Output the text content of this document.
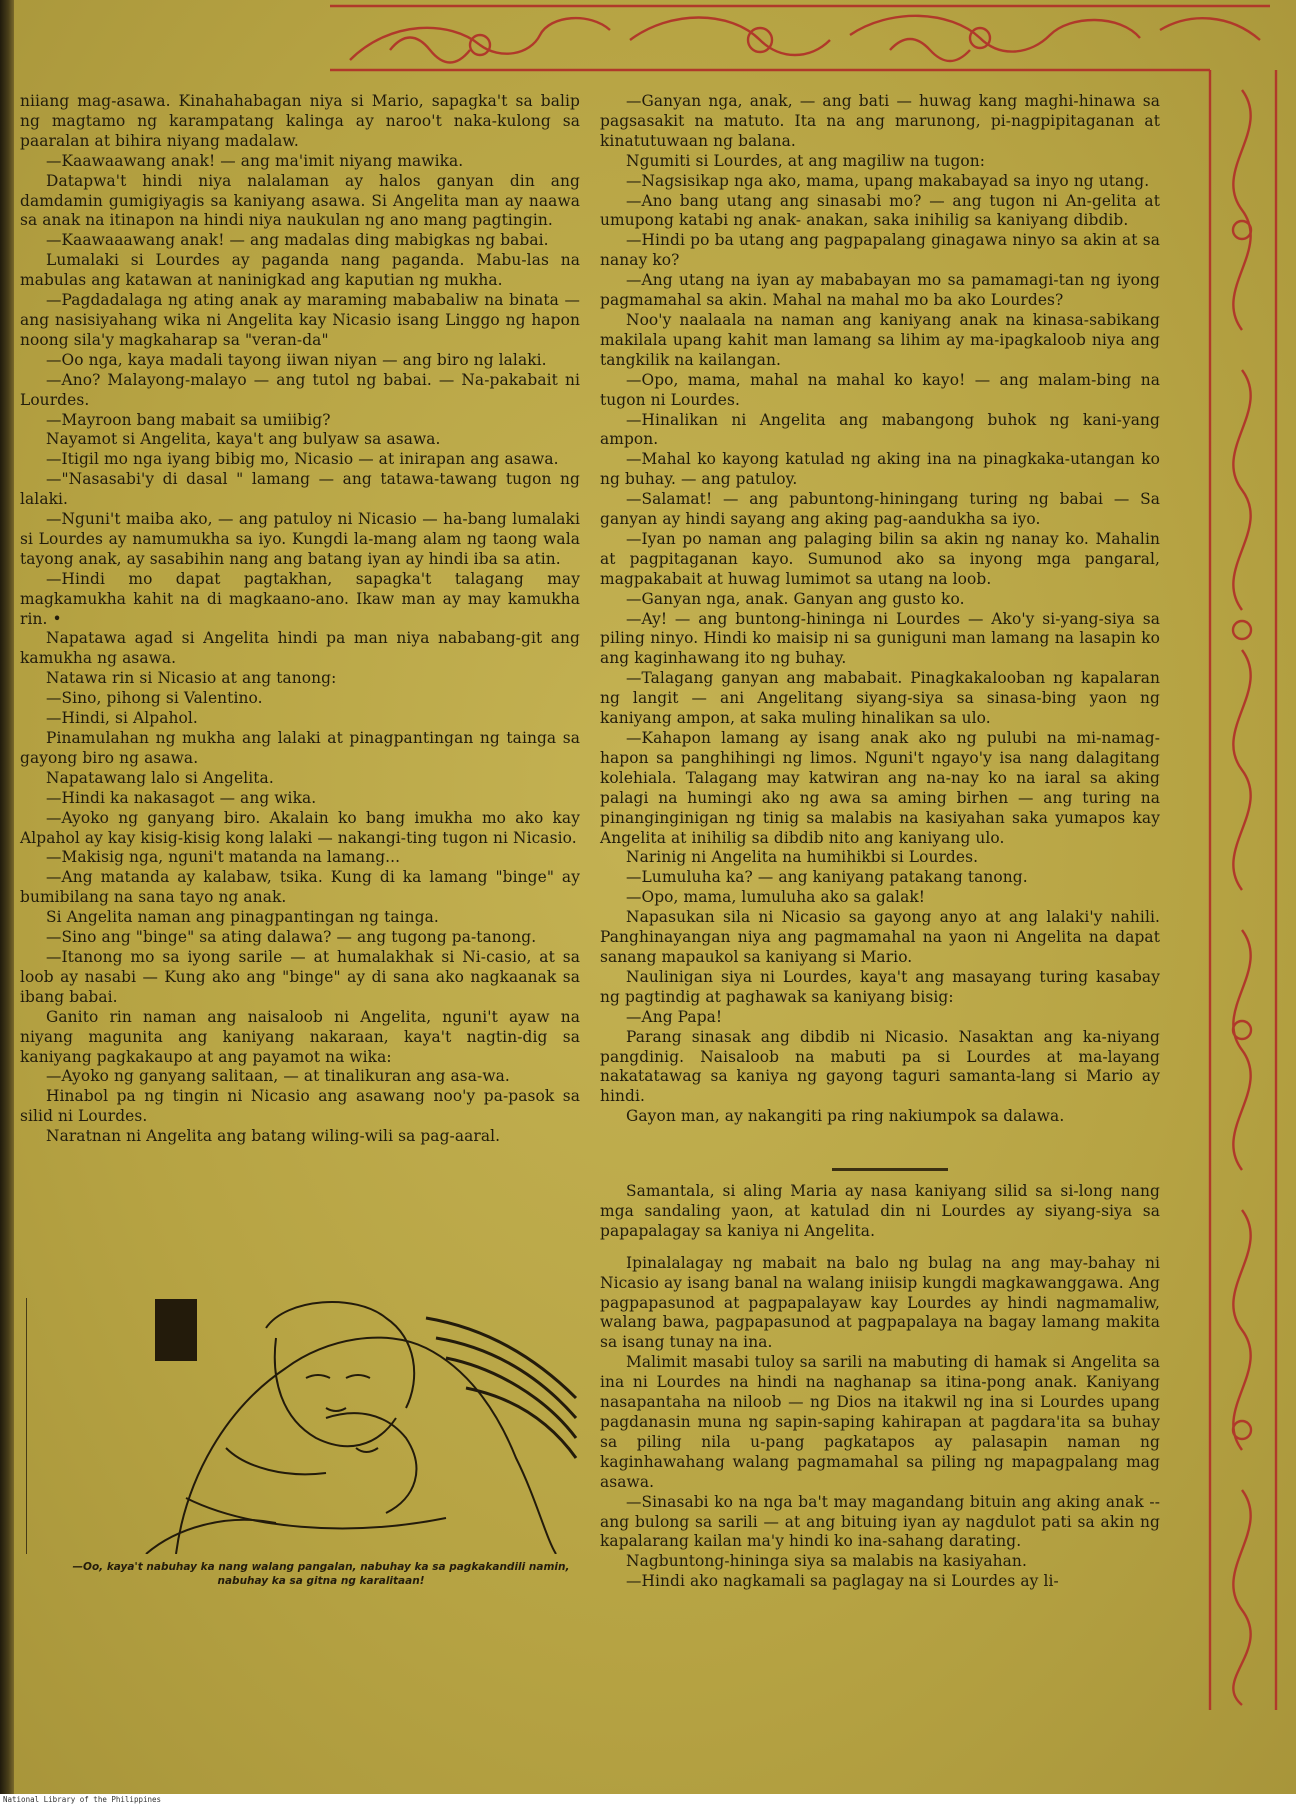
niiang mag-asawa. Kinahahabagan niya si Mario, sapagka't sa balip ng magtamo ng karampatang kalinga ay naroo't naka-kulong sa paaralan at bihira niyang madalaw.

—Kaawaawang anak! — ang ma'imit niyang mawika.

Datapwa't hindi niya nalalaman ay halos ganyan din ang damdamin gumigiyagis sa kaniyang asawa. Si Angelita man ay naawa sa anak na itinapon na hindi niya naukulan ng ano mang pagtingin.

—Kaawaaawang anak! — ang madalas ding mabigkas ng babai.

Lumalaki si Lourdes ay paganda nang paganda. Mabu-las na mabulas ang katawan at naninigkad ang kaputian ng mukha.

—Pagdadalaga ng ating anak ay maraming mababaliw na binata — ang nasisiyahang wika ni Angelita kay Nicasio isang Linggo ng hapon noong sila'y magkaharap sa "veran-da"

—Oo nga, kaya madali tayong iiwan niyan — ang biro ng lalaki.

—Ano? Malayong-malayo — ang tutol ng babai. — Na-pakabait ni Lourdes.

—Mayroon bang mabait sa umiibig?

Nayamot si Angelita, kaya't ang bulyaw sa asawa.

—Itigil mo nga iyang bibig mo, Nicasio — at inirapan ang asawa.

—"Nasasabi'y di dasal " lamang — ang tatawa-tawang tugon ng lalaki.

—Nguni't maiba ako, — ang patuloy ni Nicasio — ha-bang lumalaki si Lourdes ay namumukha sa iyo. Kungdi la-mang alam ng taong wala tayong anak, ay sasabihin nang ang batang iyan ay hindi iba sa atin.

—Hindi mo dapat pagtakhan, sapagka't talagang may magkamukha kahit na di magkaano-ano. Ikaw man ay may kamukha rin. •

Napatawa agad si Angelita hindi pa man niya nababang-git ang kamukha ng asawa.

Natawa rin si Nicasio at ang tanong:

—Sino, pihong si Valentino.

—Hindi, si Alpahol.

Pinamulahan ng mukha ang lalaki at pinagpantingan ng tainga sa gayong biro ng asawa.

Napatawang lalo si Angelita.

—Hindi ka nakasagot — ang wika.

—Ayoko ng ganyang biro. Akalain ko bang imukha mo ako kay Alpahol ay kay kisig-kisig kong lalaki — nakangi-ting tugon ni Nicasio.

—Makisig nga, nguni't matanda na lamang...

—Ang matanda ay kalabaw, tsika. Kung di ka lamang "binge" ay bumibilang na sana tayo ng anak.

Si Angelita naman ang pinagpantingan ng tainga.

—Sino ang "binge" sa ating dalawa? — ang tugong pa-tanong.

—Itanong mo sa iyong sarile — at humalakhak si Ni-casio, at sa loob ay nasabi — Kung ako ang "binge" ay di sana ako nagkaanak sa ibang babai.

Ganito rin naman ang naisaloob ni Angelita, nguni't ayaw na niyang magunita ang kaniyang nakaraan, kaya't nagtin-dig sa kaniyang pagkakaupo at ang payamot na wika:

—Ayoko ng ganyang salitaan, — at tinalikuran ang asa-wa.

Hinabol pa ng tingin ni Nicasio ang asawang noo'y pa-pasok sa silid ni Lourdes.

Naratnan ni Angelita ang batang wiling-wili sa pag-aaral.

—Ganyan nga, anak, — ang bati — huwag kang maghi-hinawa sa pagsasakit na matuto. Ita na ang marunong, pi-nagpipitaganan at kinatutuwaan ng balana.

Ngumiti si Lourdes, at ang magiliw na tugon:

—Nagsisikap nga ako, mama, upang makabayad sa inyo ng utang.

—Ano bang utang ang sinasabi mo? — ang tugon ni An-gelita at umupong katabi ng anak- anakan, saka inihilig sa kaniyang dibdib.

—Hindi po ba utang ang pagpapalang ginagawa ninyo sa akin at sa nanay ko?

—Ang utang na iyan ay mababayan mo sa pamamagi-tan ng iyong pagmamahal sa akin. Mahal na mahal mo ba ako Lourdes?

Noo'y naalaala na naman ang kaniyang anak na kinasa-sabikang makilala upang kahit man lamang sa lihim ay ma-ipagkaloob niya ang tangkilik na kailangan.

—Opo, mama, mahal na mahal ko kayo! — ang malam-bing na tugon ni Lourdes.

—Hinalikan ni Angelita ang mabangong buhok ng kani-yang ampon.

—Mahal ko kayong katulad ng aking ina na pinagkaka-utangan ko ng buhay. — ang patuloy.

—Salamat! — ang pabuntong-hiningang turing ng babai — Sa ganyan ay hindi sayang ang aking pag-aandukha sa iyo.

—Iyan po naman ang palaging bilin sa akin ng nanay ko. Mahalin at pagpitaganan kayo. Sumunod ako sa inyong mga pangaral, magpakabait at huwag lumimot sa utang na loob.

—Ganyan nga, anak. Ganyan ang gusto ko.

—Ay! — ang buntong-hininga ni Lourdes — Ako'y si-yang-siya sa piling ninyo. Hindi ko maisip ni sa guniguni man lamang na lasapin ko ang kaginhawang ito ng buhay.

—Talagang ganyan ang mababait. Pinagkakalooban ng kapalaran ng langit — ani Angelitang siyang-siya sa sinasa-bing yaon ng kaniyang ampon, at saka muling hinalikan sa ulo.

—Kahapon lamang ay isang anak ako ng pulubi na mi-namag-hapon sa panghihingi ng limos. Nguni't ngayo'y isa nang dalagitang kolehiala. Talagang may katwiran ang na-nay ko na iaral sa aking palagi na humingi ako ng awa sa aming birhen — ang turing na pinanginginigan ng tinig sa malabis na kasiyahan saka yumapos kay Angelita at inihilig sa dibdib nito ang kaniyang ulo.

Narinig ni Angelita na humihikbi si Lourdes.

—Lumuluha ka? — ang kaniyang patakang tanong.

—Opo, mama, lumuluha ako sa galak!

Napasukan sila ni Nicasio sa gayong anyo at ang lalaki'y nahili. Panghinayangan niya ang pagmamahal na yaon ni Angelita na dapat sanang mapaukol sa kaniyang si Mario.

Naulinigan siya ni Lourdes, kaya't ang masayang turing kasabay ng pagtindig at paghawak sa kaniyang bisig:

—Ang Papa!

Parang sinasak ang dibdib ni Nicasio. Nasaktan ang ka-niyang pangdinig. Naisaloob na mabuti pa si Lourdes at ma-layang nakatatawag sa kaniya ng gayong taguri samanta-lang si Mario ay hindi.

Gayon man, ay nakangiti pa ring nakiumpok sa dalawa.

Samantala, si aling Maria ay nasa kaniyang silid sa si-long nang mga sandaling yaon, at katulad din ni Lourdes ay siyang-siya sa papapalagay sa kaniya ni Angelita.

Ipinalalagay ng mabait na balo ng bulag na ang may-bahay ni Nicasio ay isang banal na walang iniisip kungdi magkawanggawa. Ang pagpapasunod at pagpapalayaw kay Lourdes ay hindi nagmamaliw, walang bawa, pagpapasunod at pagpapalaya na bagay lamang makita sa isang tunay na ina.

Malimit masabi tuloy sa sarili na mabuting di hamak si Angelita sa ina ni Lourdes na hindi na naghanap sa itina-pong anak. Kaniyang nasapantaha na niloob — ng Dios na itakwil ng ina si Lourdes upang pagdanasin muna ng sapin-saping kahirapan at pagdara'ita sa buhay sa piling nila u-pang pagkatapos ay palasapin naman ng kaginhawahang walang pagmamahal sa piling ng mapagpalang mag asawa.

—Sinasabi ko na nga ba't may magandang bituin ang aking anak -- ang bulong sa sarili — at ang bituing iyan ay nagdulot pati sa akin ng kapalarang kailan ma'y hindi ko ina-sahang darating.

Nagbuntong-hininga siya sa malabis na kasiyahan.

—Hindi ako nagkamali sa paglagay na si Lourdes ay li-

—Oo, kaya't nabuhay ka nang walang pangalan, nabuhay ka sa pagkakandili namin, nabuhay ka sa gitna ng karalitaan!
National Library of the Philippines
